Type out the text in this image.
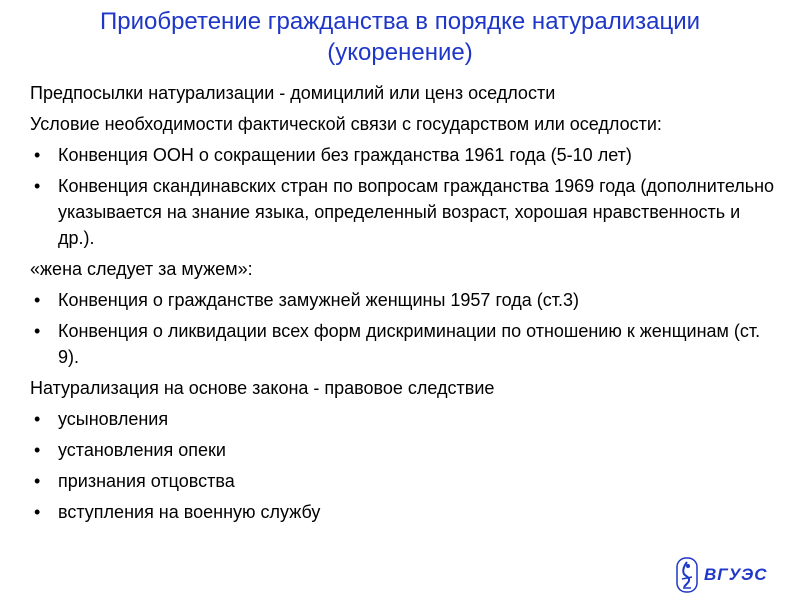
Приобретение гражданства в порядке натурализации
(укоренение)

Предпосылки натурализации - домицилий или ценз оседлости

Условие необходимости фактической связи с государством или оседлости:

• Конвенция ООН о сокращении без гражданства 1961 года (5-10 лет)
• Конвенция скандинавских стран по вопросам гражданства 1969 года (дополнительно указывается на знание языка, определенный возраст, хорошая нравственность и др.).

«жена следует за мужем»:

• Конвенция о гражданстве замужней женщины 1957 года (ст.3)
• Конвенция о ликвидации всех форм дискриминации по отношению к женщинам (ст. 9).

Натурализация на основе закона - правовое следствие

• усыновления
• установления опеки
• признания отцовства
• вступления на военную службу
ВГУЭС
